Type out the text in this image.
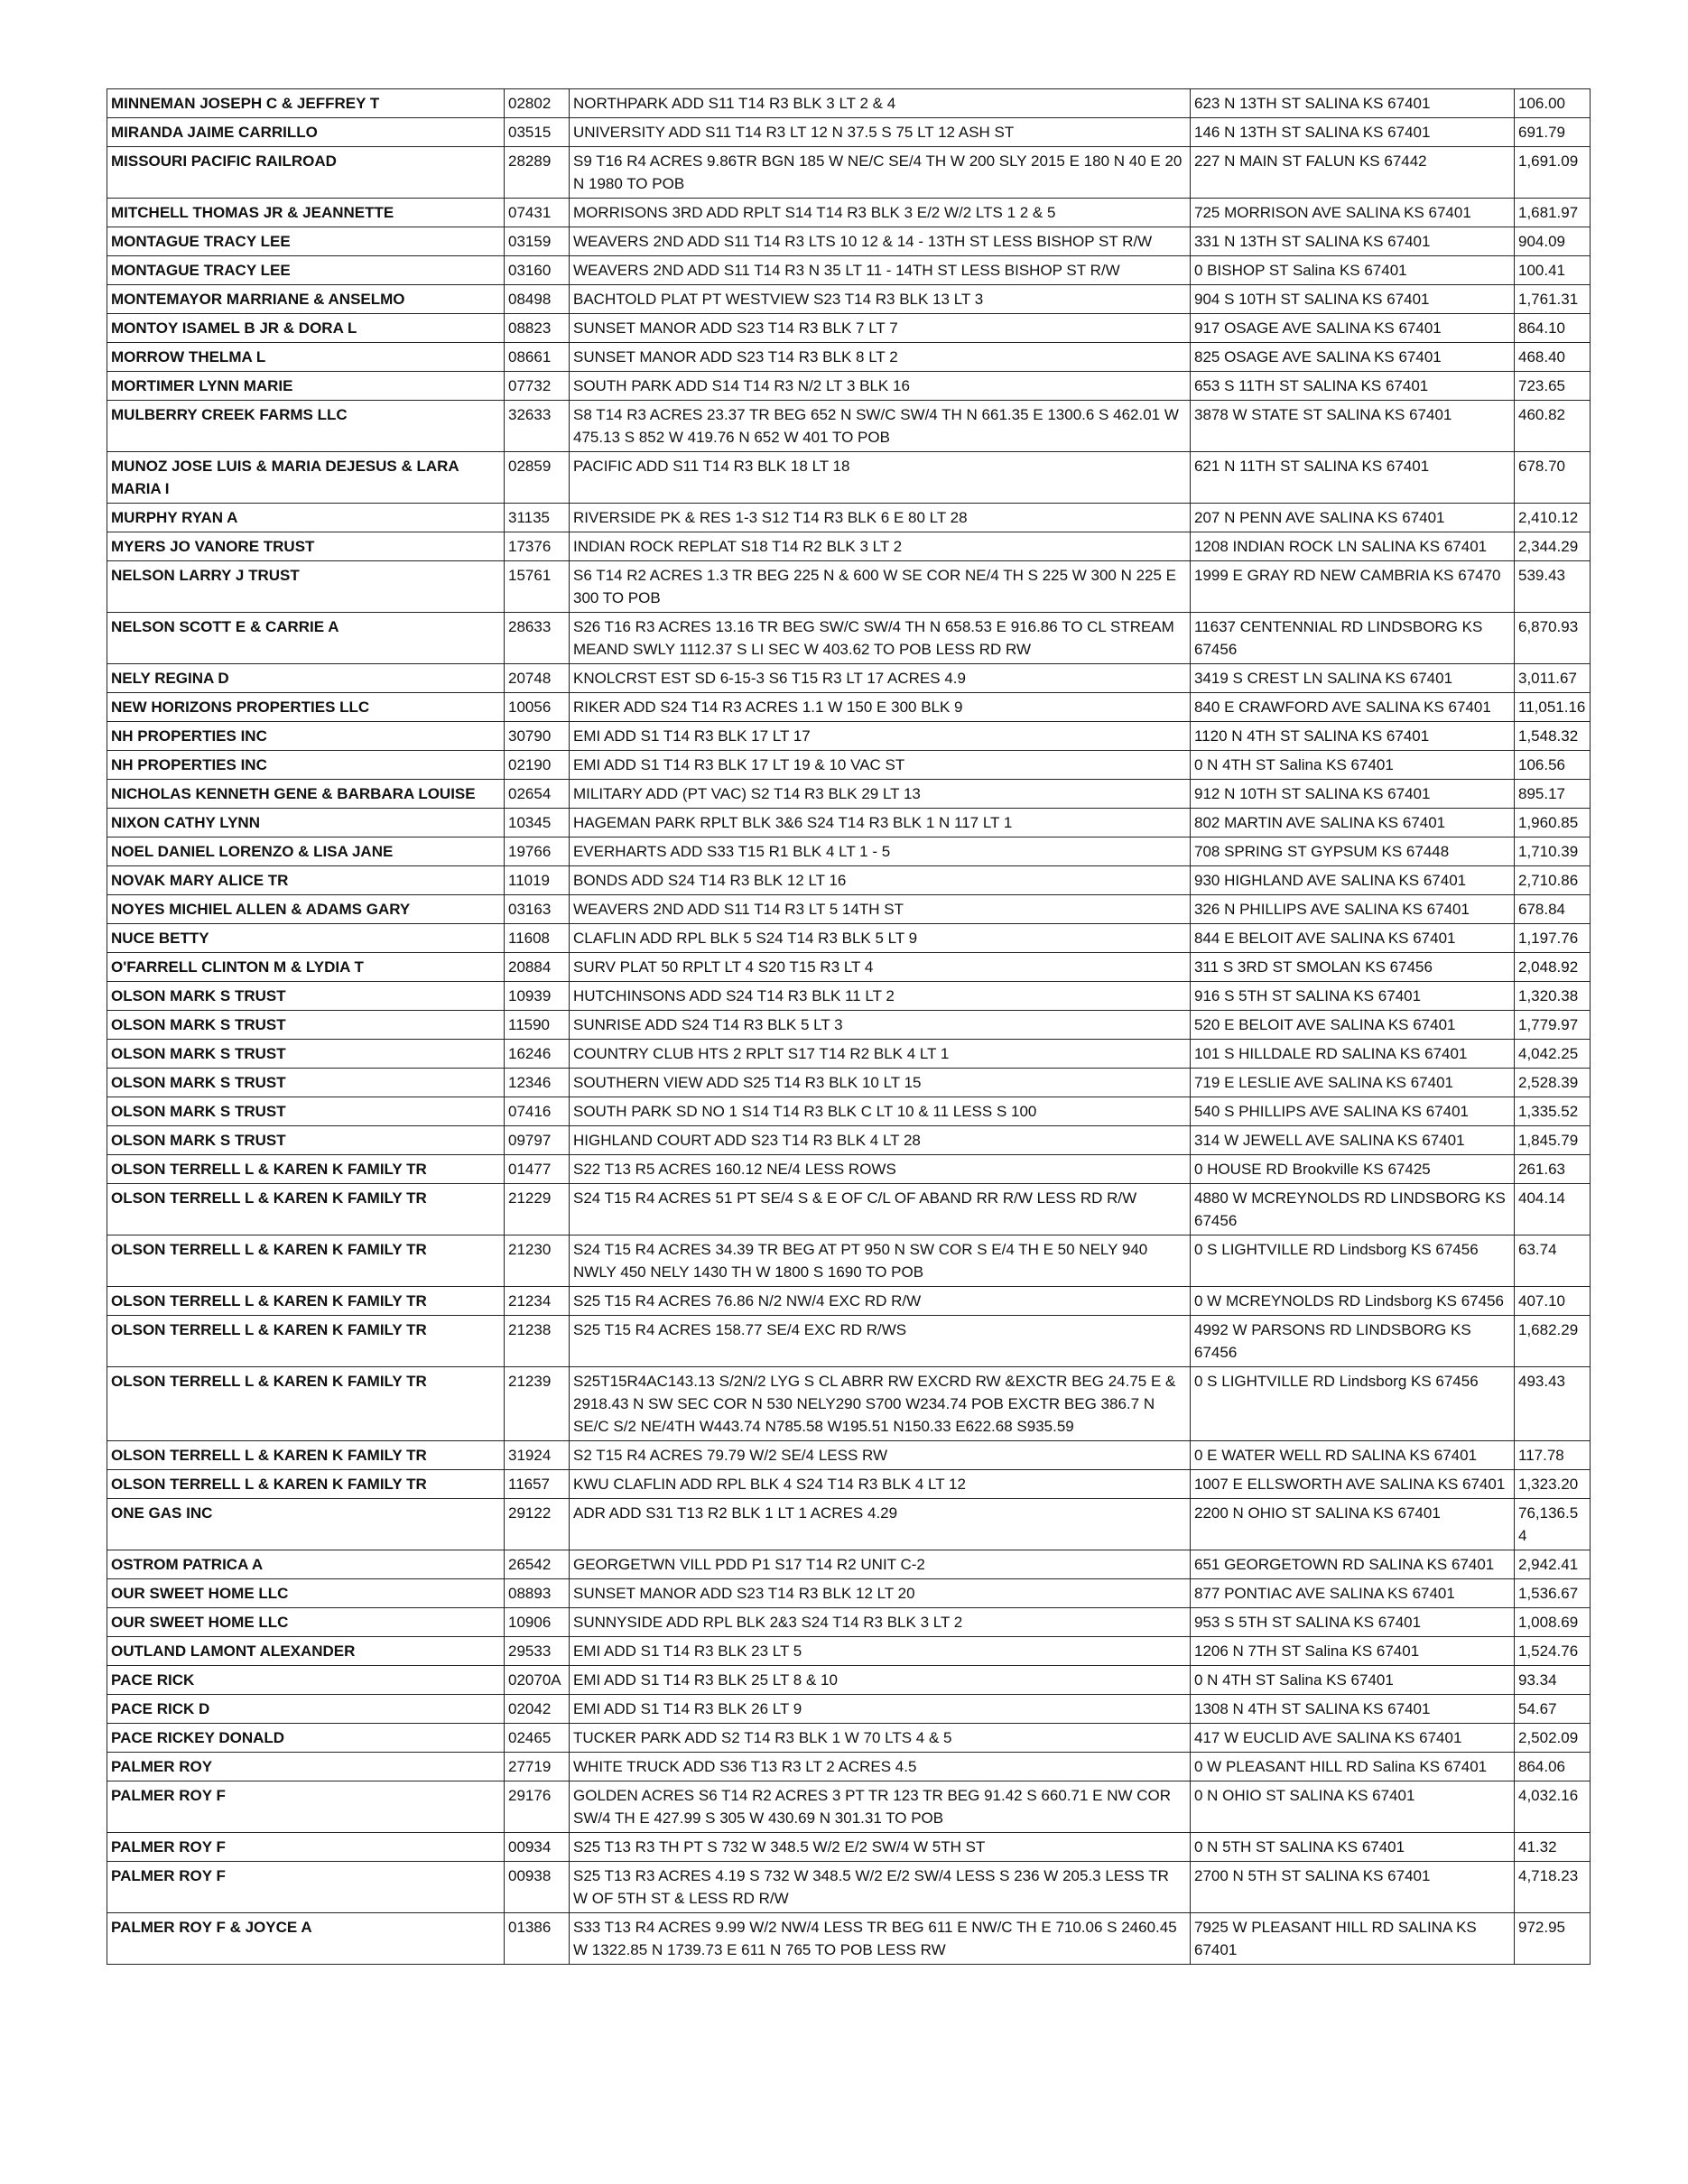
MINNEMAN JOSEPH C & JEFFREY T	02802	NORTHPARK ADD S11 T14 R3 BLK 3 LT 2 & 4	623 N 13TH ST SALINA KS 67401	106.00
MIRANDA JAIME CARRILLO	03515	UNIVERSITY ADD S11 T14 R3 LT 12 N 37.5 S 75 LT 12 ASH ST	146 N 13TH ST SALINA KS 67401	691.79
MISSOURI PACIFIC RAILROAD	28289	S9 T16 R4 ACRES 9.86TR BGN 185 W NE/C SE/4 TH W 200 SLY 2015 E 180 N 40 E 20 N 1980 TO POB	227 N MAIN ST FALUN KS 67442	1,691.09
MITCHELL THOMAS JR & JEANNETTE	07431	MORRISONS 3RD ADD RPLT S14 T14 R3 BLK 3 E/2 W/2 LTS 1 2 & 5	725 MORRISON AVE SALINA KS 67401	1,681.97
MONTAGUE TRACY LEE	03159	WEAVERS 2ND ADD S11 T14 R3 LTS 10 12 & 14 - 13TH ST LESS BISHOP ST R/W	331 N 13TH ST SALINA KS 67401	904.09
MONTAGUE TRACY LEE	03160	WEAVERS 2ND ADD S11 T14 R3 N 35 LT 11 - 14TH ST LESS BISHOP ST R/W	0 BISHOP ST Salina KS 67401	100.41
MONTEMAYOR MARRIANE & ANSELMO	08498	BACHTOLD PLAT PT WESTVIEW S23 T14 R3 BLK 13 LT 3	904 S 10TH ST SALINA KS 67401	1,761.31
MONTOY ISAMEL B JR & DORA L	08823	SUNSET MANOR ADD S23 T14 R3 BLK 7 LT 7	917 OSAGE AVE SALINA KS 67401	864.10
MORROW THELMA L	08661	SUNSET MANOR ADD S23 T14 R3 BLK 8 LT 2	825 OSAGE AVE SALINA KS 67401	468.40
MORTIMER LYNN MARIE	07732	SOUTH PARK ADD S14 T14 R3 N/2 LT 3 BLK 16	653 S 11TH ST SALINA KS 67401	723.65
MULBERRY CREEK FARMS LLC	32633	S8 T14 R3 ACRES 23.37 TR BEG 652 N SW/C SW/4 TH N 661.35 E 1300.6 S 462.01 W 475.13 S 852 W 419.76 N 652 W 401 TO POB	3878 W STATE ST SALINA KS 67401	460.82
MUNOZ JOSE LUIS & MARIA DEJESUS & LARA MARIA I	02859	PACIFIC ADD S11 T14 R3 BLK 18 LT 18	621 N 11TH ST SALINA KS 67401	678.70
MURPHY RYAN A	31135	RIVERSIDE PK & RES 1-3 S12 T14 R3 BLK 6 E 80 LT 28	207 N PENN AVE SALINA KS 67401	2,410.12
MYERS JO VANORE TRUST	17376	INDIAN ROCK REPLAT S18 T14 R2 BLK 3 LT 2	1208 INDIAN ROCK LN SALINA KS 67401	2,344.29
NELSON LARRY J TRUST	15761	S6 T14 R2 ACRES 1.3 TR BEG 225 N & 600 W SE COR NE/4 TH S 225 W 300 N 225 E 300 TO POB	1999 E GRAY RD NEW CAMBRIA KS 67470	539.43
NELSON SCOTT E & CARRIE A	28633	S26 T16 R3 ACRES 13.16 TR BEG SW/C SW/4 TH N 658.53 E 916.86 TO CL STREAM MEAND SWLY 1112.37 S LI SEC W 403.62 TO POB LESS RD RW	11637 CENTENNIAL RD LINDSBORG KS 67456	6,870.93
NELY REGINA D	20748	KNOLCRST EST SD 6-15-3 S6 T15 R3 LT 17 ACRES 4.9	3419 S CREST LN SALINA KS 67401	3,011.67
NEW HORIZONS PROPERTIES LLC	10056	RIKER ADD S24 T14 R3 ACRES 1.1 W 150 E 300 BLK 9	840 E CRAWFORD AVE SALINA KS 67401	11,051.16
NH PROPERTIES INC	30790	EMI ADD S1 T14 R3 BLK 17 LT 17	1120 N 4TH ST SALINA KS 67401	1,548.32
NH PROPERTIES INC	02190	EMI ADD S1 T14 R3 BLK 17 LT 19 & 10 VAC ST	0 N 4TH ST Salina KS 67401	106.56
NICHOLAS KENNETH GENE & BARBARA LOUISE	02654	MILITARY ADD (PT VAC) S2 T14 R3 BLK 29 LT 13	912 N 10TH ST SALINA KS 67401	895.17
NIXON CATHY LYNN	10345	HAGEMAN PARK RPLT BLK 3&6 S24 T14 R3 BLK 1 N 117 LT 1	802 MARTIN AVE SALINA KS 67401	1,960.85
NOEL DANIEL LORENZO & LISA JANE	19766	EVERHARTS ADD S33 T15 R1 BLK 4 LT 1 - 5	708 SPRING ST GYPSUM KS 67448	1,710.39
NOVAK MARY ALICE TR	11019	BONDS ADD S24 T14 R3 BLK 12 LT 16	930 HIGHLAND AVE SALINA KS 67401	2,710.86
NOYES MICHIEL ALLEN & ADAMS GARY	03163	WEAVERS 2ND ADD S11 T14 R3 LT 5 14TH ST	326 N PHILLIPS AVE SALINA KS 67401	678.84
NUCE BETTY	11608	CLAFLIN ADD RPL BLK 5 S24 T14 R3 BLK 5 LT 9	844 E BELOIT AVE SALINA KS 67401	1,197.76
O'FARRELL CLINTON M & LYDIA T	20884	SURV PLAT 50 RPLT LT 4 S20 T15 R3 LT 4	311 S 3RD ST SMOLAN KS 67456	2,048.92
OLSON MARK S TRUST	10939	HUTCHINSONS ADD S24 T14 R3 BLK 11 LT 2	916 S 5TH ST SALINA KS 67401	1,320.38
OLSON MARK S TRUST	11590	SUNRISE ADD S24 T14 R3 BLK 5 LT 3	520 E BELOIT AVE SALINA KS 67401	1,779.97
OLSON MARK S TRUST	16246	COUNTRY CLUB HTS 2 RPLT S17 T14 R2 BLK 4 LT 1	101 S HILLDALE RD SALINA KS 67401	4,042.25
OLSON MARK S TRUST	12346	SOUTHERN VIEW ADD S25 T14 R3 BLK 10 LT 15	719 E LESLIE AVE SALINA KS 67401	2,528.39
OLSON MARK S TRUST	07416	SOUTH PARK SD NO 1 S14 T14 R3 BLK C LT 10 & 11 LESS S 100	540 S PHILLIPS AVE SALINA KS 67401	1,335.52
OLSON MARK S TRUST	09797	HIGHLAND COURT ADD S23 T14 R3 BLK 4 LT 28	314 W JEWELL AVE SALINA KS 67401	1,845.79
OLSON TERRELL L & KAREN K FAMILY TR	01477	S22 T13 R5 ACRES 160.12 NE/4 LESS ROWS	0 HOUSE RD Brookville KS 67425	261.63
OLSON TERRELL L & KAREN K FAMILY TR	21229	S24 T15 R4 ACRES 51 PT SE/4 S & E OF C/L OF ABAND RR R/W LESS RD R/W	4880 W MCREYNOLDS RD LINDSBORG KS 67456	404.14
OLSON TERRELL L & KAREN K FAMILY TR	21230	S24 T15 R4 ACRES 34.39 TR BEG AT PT 950 N SW COR S E/4 TH E 50 NELY 940 NWLY 450 NELY 1430 TH W 1800 S 1690 TO POB	0 S LIGHTVILLE RD Lindsborg KS 67456	63.74
OLSON TERRELL L & KAREN K FAMILY TR	21234	S25 T15 R4 ACRES 76.86 N/2 NW/4 EXC RD R/W	0 W MCREYNOLDS RD Lindsborg KS 67456	407.10
OLSON TERRELL L & KAREN K FAMILY TR	21238	S25 T15 R4 ACRES 158.77 SE/4 EXC RD R/WS	4992 W PARSONS RD LINDSBORG KS 67456	1,682.29
OLSON TERRELL L & KAREN K FAMILY TR	21239	S25T15R4AC143.13 S/2N/2 LYG S CL ABRR RW EXCRD RW &EXCTR BEG 24.75 E & 2918.43 N SW SEC COR N 530 NELY290 S700 W234.74 POB EXCTR BEG 386.7 N SE/C S/2 NE/4TH W443.74 N785.58 W195.51 N150.33 E622.68 S935.59	0 S LIGHTVILLE RD Lindsborg KS 67456	493.43
OLSON TERRELL L & KAREN K FAMILY TR	31924	S2 T15 R4 ACRES 79.79 W/2 SE/4 LESS RW	0 E WATER WELL RD SALINA KS 67401	117.78
OLSON TERRELL L & KAREN K FAMILY TR	11657	KWU CLAFLIN ADD RPL BLK 4 S24 T14 R3 BLK 4 LT 12	1007 E ELLSWORTH AVE SALINA KS 67401	1,323.20
ONE GAS INC	29122	ADR ADD S31 T13 R2 BLK 1 LT 1 ACRES 4.29	2200 N OHIO ST SALINA KS 67401	76,136.54
OSTROM PATRICA A	26542	GEORGETWN VILL PDD P1 S17 T14 R2 UNIT C-2	651 GEORGETOWN RD SALINA KS 67401	2,942.41
OUR SWEET HOME LLC	08893	SUNSET MANOR ADD S23 T14 R3 BLK 12 LT 20	877 PONTIAC AVE SALINA KS 67401	1,536.67
OUR SWEET HOME LLC	10906	SUNNYSIDE ADD RPL BLK 2&3 S24 T14 R3 BLK 3 LT 2	953 S 5TH ST SALINA KS 67401	1,008.69
OUTLAND LAMONT ALEXANDER	29533	EMI ADD S1 T14 R3 BLK 23 LT 5	1206 N 7TH ST Salina KS 67401	1,524.76
PACE RICK	02070A	EMI ADD S1 T14 R3 BLK 25 LT 8 & 10	0 N 4TH ST Salina KS 67401	93.34
PACE RICK D	02042	EMI ADD S1 T14 R3 BLK 26 LT 9	1308 N 4TH ST SALINA KS 67401	54.67
PACE RICKEY DONALD	02465	TUCKER PARK ADD S2 T14 R3 BLK 1 W 70 LTS 4 & 5	417 W EUCLID AVE SALINA KS 67401	2,502.09
PALMER ROY	27719	WHITE TRUCK ADD S36 T13 R3 LT 2 ACRES 4.5	0 W PLEASANT HILL RD Salina KS 67401	864.06
PALMER ROY F	29176	GOLDEN ACRES S6 T14 R2 ACRES 3 PT TR 123 TR BEG 91.42 S 660.71 E NW COR SW/4 TH E 427.99 S 305 W 430.69 N 301.31 TO POB	0 N OHIO ST SALINA KS 67401	4,032.16
PALMER ROY F	00934	S25 T13 R3 TH PT S 732 W 348.5 W/2 E/2 SW/4 W 5TH ST	0 N 5TH ST SALINA KS 67401	41.32
PALMER ROY F	00938	S25 T13 R3 ACRES 4.19 S 732 W 348.5 W/2 E/2 SW/4 LESS S 236 W 205.3 LESS TR W OF 5TH ST & LESS RD R/W	2700 N 5TH ST SALINA KS 67401	4,718.23
PALMER ROY F & JOYCE A	01386	S33 T13 R4 ACRES 9.99 W/2 NW/4 LESS TR BEG 611 E NW/C TH E 710.06 S 2460.45 W 1322.85 N 1739.73 E 611 N 765 TO POB LESS RW	7925 W PLEASANT HILL RD SALINA KS 67401	972.95
